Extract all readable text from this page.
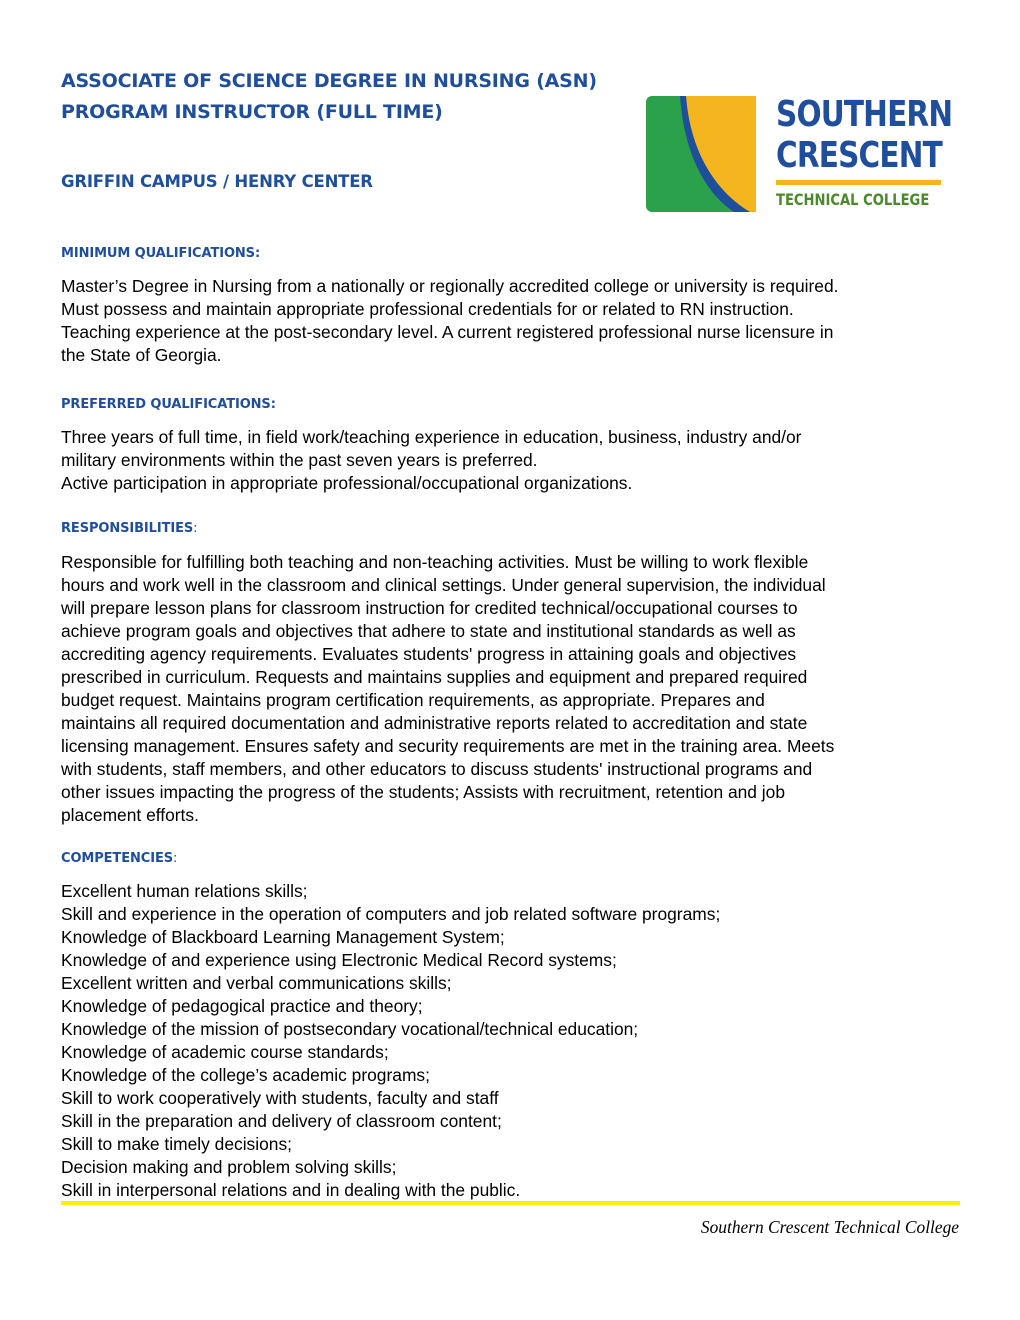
ASSOCIATE OF SCIENCE DEGREE IN NURSING (ASN)
PROGRAM INSTRUCTOR (FULL TIME)
GRIFFIN CAMPUS / HENRY CENTER
SOUTHERN
CRESCENT
TECHNICAL COLLEGE
MINIMUM QUALIFICATIONS:

Master’s Degree in Nursing from a nationally or regionally accredited college or university is required.

Must possess and maintain appropriate professional credentials for or related to RN instruction.

Teaching experience at the post-secondary level. A current registered professional nurse licensure in

the State of Georgia.

PREFERRED QUALIFICATIONS:

Three years of full time, in field work/teaching experience in education, business, industry and/or

military environments within the past seven years is preferred.

Active participation in appropriate professional/occupational organizations.

RESPONSIBILITIES:

Responsible for fulfilling both teaching and non-teaching activities. Must be willing to work flexible

hours and work well in the classroom and clinical settings. Under general supervision, the individual

will prepare lesson plans for classroom instruction for credited technical/occupational courses to

achieve program goals and objectives that adhere to state and institutional standards as well as

accrediting agency requirements. Evaluates students' progress in attaining goals and objectives

prescribed in curriculum. Requests and maintains supplies and equipment and prepared required

budget request. Maintains program certification requirements, as appropriate. Prepares and

maintains all required documentation and administrative reports related to accreditation and state

licensing management. Ensures safety and security requirements are met in the training area. Meets

with students, staff members, and other educators to discuss students' instructional programs and

other issues impacting the progress of the students; Assists with recruitment, retention and job

placement efforts.

COMPETENCIES:

Excellent human relations skills;

Skill and experience in the operation of computers and job related software programs;

Knowledge of Blackboard Learning Management System;

Knowledge of and experience using Electronic Medical Record systems;

Excellent written and verbal communications skills;

Knowledge of pedagogical practice and theory;

Knowledge of the mission of postsecondary vocational/technical education;

Knowledge of academic course standards;

Knowledge of the college’s academic programs;

Skill to work cooperatively with students, faculty and staff

Skill in the preparation and delivery of classroom content;

Skill to make timely decisions;

Decision making and problem solving skills;

Skill in interpersonal relations and in dealing with the public.

Southern Crescent Technical College
